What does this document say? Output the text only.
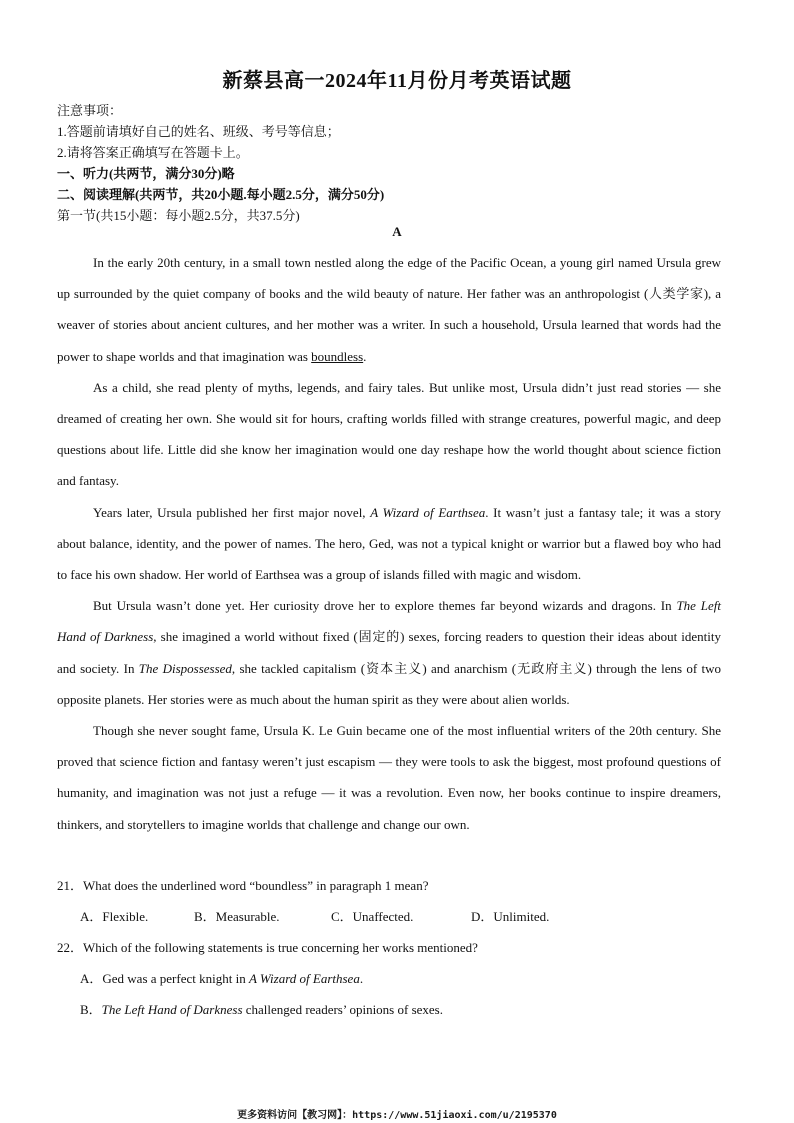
新蔡县高一2024年11月份月考英语试题
注意事项：
1.答题前请填好自己的姓名、班级、考号等信息；
2.请将答案正确填写在答题卡上。
一、听力(共两节，满分30分)略
二、阅读理解(共两节，共20小题.每小题2.5分，满分50分)
第一节(共15小题：每小题2.5分，共37.5分)
A

In the early 20th century, in a small town nestled along the edge of the Pacific Ocean, a young girl named Ursula grew up surrounded by the quiet company of books and the wild beauty of nature. Her father was an anthropologist (人类学家), a weaver of stories about ancient cultures, and her mother was a writer. In such a household, Ursula learned that words had the power to shape worlds and that imagination was boundless.

As a child, she read plenty of myths, legends, and fairy tales. But unlike most, Ursula didn’t just read stories — she dreamed of creating her own. She would sit for hours, crafting worlds filled with strange creatures, powerful magic, and deep questions about life. Little did she know her imagination would one day reshape how the world thought about science fiction and fantasy.

Years later, Ursula published her first major novel, A Wizard of Earthsea. It wasn’t just a fantasy tale; it was a story about balance, identity, and the power of names. The hero, Ged, was not a typical knight or warrior but a flawed boy who had to face his own shadow. Her world of Earthsea was a group of islands filled with magic and wisdom.

But Ursula wasn’t done yet. Her curiosity drove her to explore themes far beyond wizards and dragons. In The Left Hand of Darkness, she imagined a world without fixed (固定的) sexes, forcing readers to question their ideas about identity and society. In The Dispossessed, she tackled capitalism (资本主义) and anarchism (无政府主义) through the lens of two opposite planets. Her stories were as much about the human spirit as they were about alien worlds.

Though she never sought fame, Ursula K. Le Guin became one of the most influential writers of the 20th century. She proved that science fiction and fantasy weren’t just escapism — they were tools to ask the biggest, most profound questions of humanity, and imagination was not just a refuge — it was a revolution. Even now, her books continue to inspire dreamers, thinkers, and storytellers to imagine worlds that challenge and change our own.

21．What does the underlined word “boundless” in paragraph 1 mean?
A．Flexible.	B．Measurable.	C．Unaffected.	D．Unlimited.
22．Which of the following statements is true concerning her works mentioned?
A．Ged was a perfect knight in A Wizard of Earthsea.
B．The Left Hand of Darkness challenged readers’ opinions of sexes.
更多资料访问【教习网】：https://www.51jiaoxi.com/u/2195370
